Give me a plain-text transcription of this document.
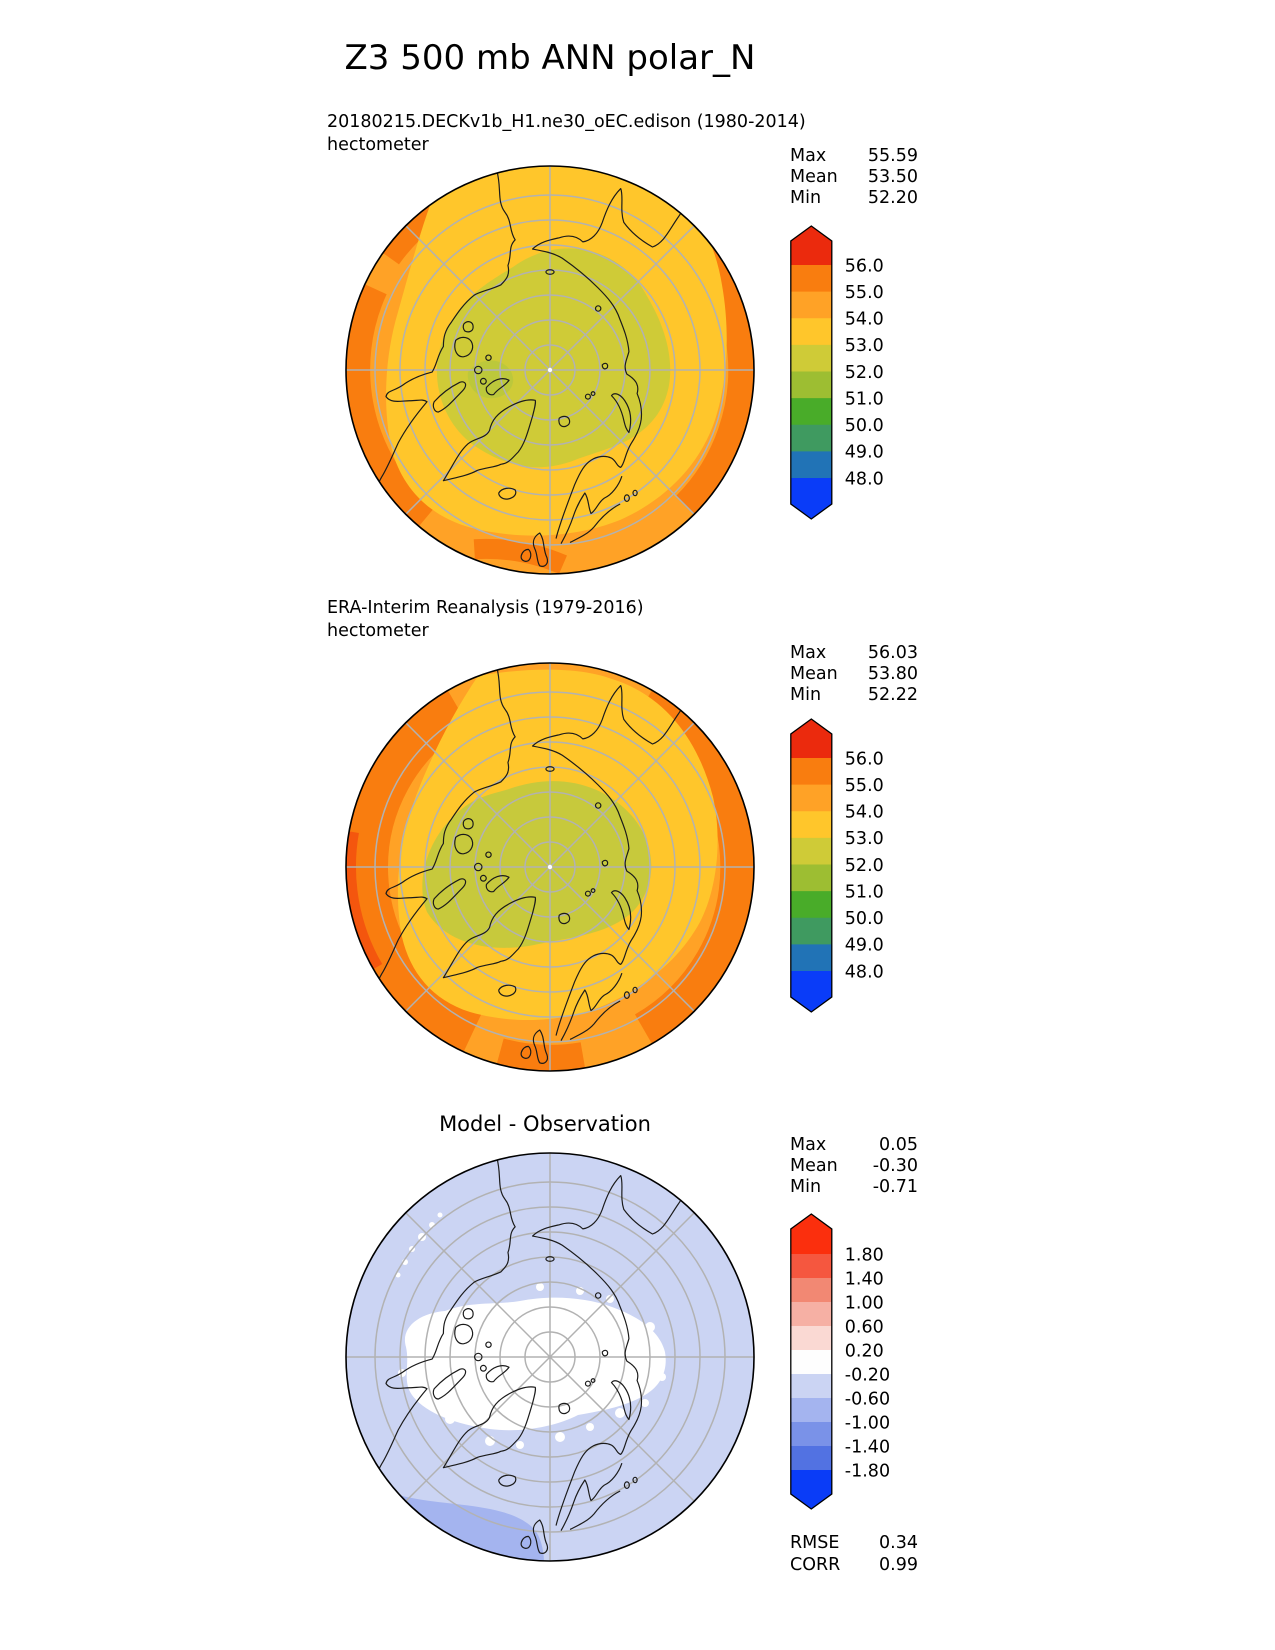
Z3 500 mb ANN polar_N
20180215.DECKv1b_H1.ne30_oEC.edison (1980-2014)
hectometer
Max 55.59
Mean 53.50
Min	52.20
ERA-Interim Reanalysis (1979-2016)
hectometer
Max 56.03
Mean 53.80
Min	52.22
Model - Observation
Max	0.05
Mean -0.30
Min	-0.71
RMSE 0.34
CORR 0.99
56.0
55.0
54.0
53.0
52.0
51.0
50.0
49.0
48.0
56.0
55.0
54.0
53.0
52.0
51.0
50.0
49.0
48.0
1.80
1.40
1.00
0.60
0.20
-0.20
-0.60
-1.00
-1.40
-1.80
